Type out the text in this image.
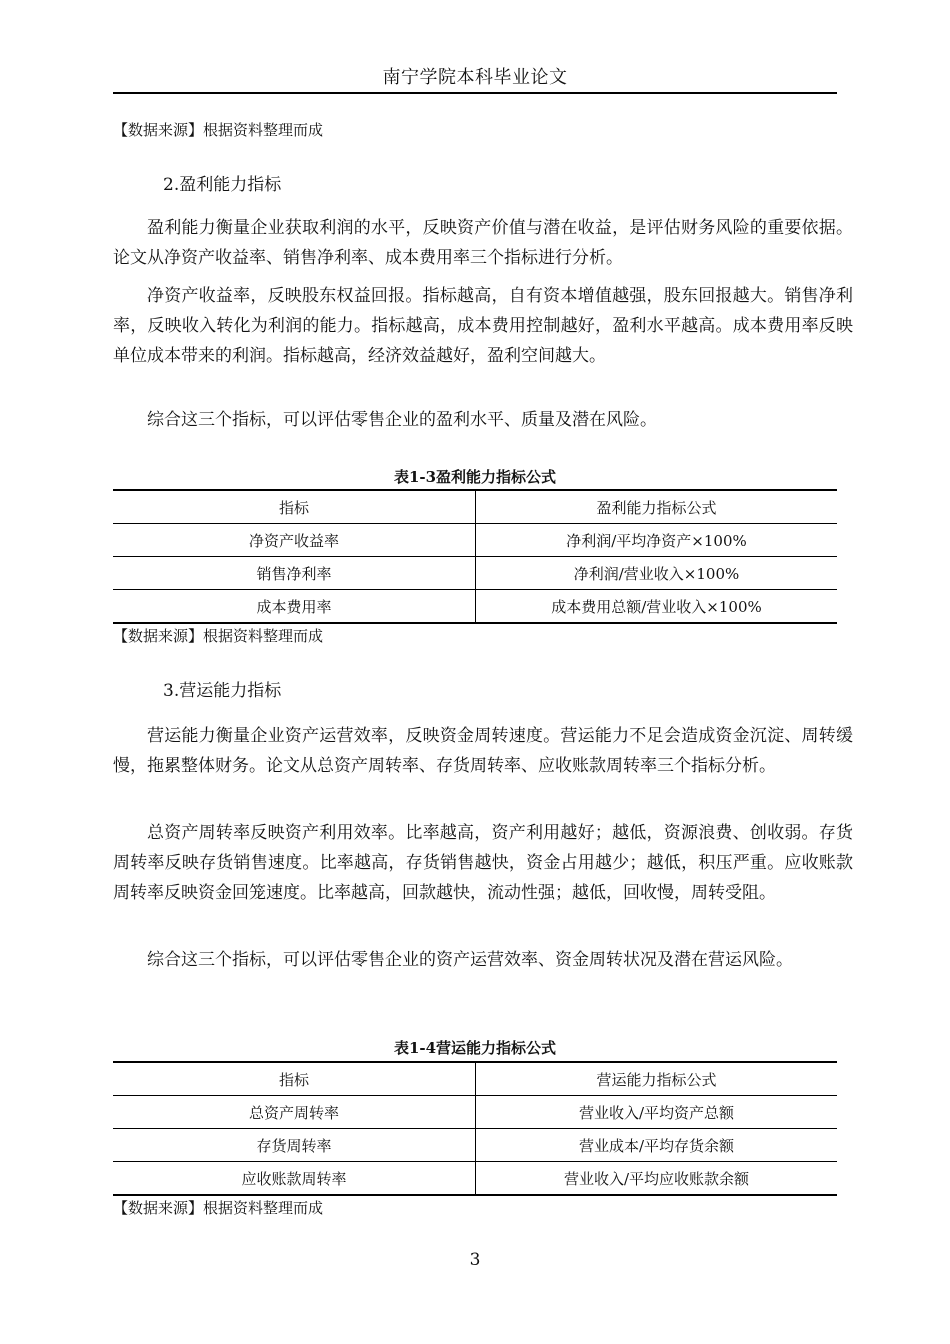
南宁学院本科毕业论文
【数据来源】根据资料整理而成
2.盈利能力指标
盈利能力衡量企业获取利润的水平，反映资产价值与潜在收益，是评估财务风险的重要依据。论文从净资产收益率、销售净利率、成本费用率三个指标进行分析。
净资产收益率，反映股东权益回报。指标越高，自有资本增值越强，股东回报越大。销售净利率，反映收入转化为利润的能力。指标越高，成本费用控制越好，盈利水平越高。成本费用率反映单位成本带来的利润。指标越高，经济效益越好，盈利空间越大。
综合这三个指标，可以评估零售企业的盈利水平、质量及潜在风险。
表1-3盈利能力指标公式
指标	盈利能力指标公式
净资产收益率	净利润/平均净资产×100%
销售净利率	净利润/营业收入×100%
成本费用率	成本费用总额/营业收入×100%
【数据来源】根据资料整理而成
3.营运能力指标
营运能力衡量企业资产运营效率，反映资金周转速度。营运能力不足会造成资金沉淀、周转缓慢，拖累整体财务。论文从总资产周转率、存货周转率、应收账款周转率三个指标分析。
总资产周转率反映资产利用效率。比率越高，资产利用越好；越低，资源浪费、创收弱。存货周转率反映存货销售速度。比率越高，存货销售越快，资金占用越少；越低，积压严重。应收账款周转率反映资金回笼速度。比率越高，回款越快，流动性强；越低，回收慢，周转受阻。
综合这三个指标，可以评估零售企业的资产运营效率、资金周转状况及潜在营运风险。
表1-4营运能力指标公式
指标	营运能力指标公式
总资产周转率	营业收入/平均资产总额
存货周转率	营业成本/平均存货余额
应收账款周转率	营业收入/平均应收账款余额
【数据来源】根据资料整理而成
3
